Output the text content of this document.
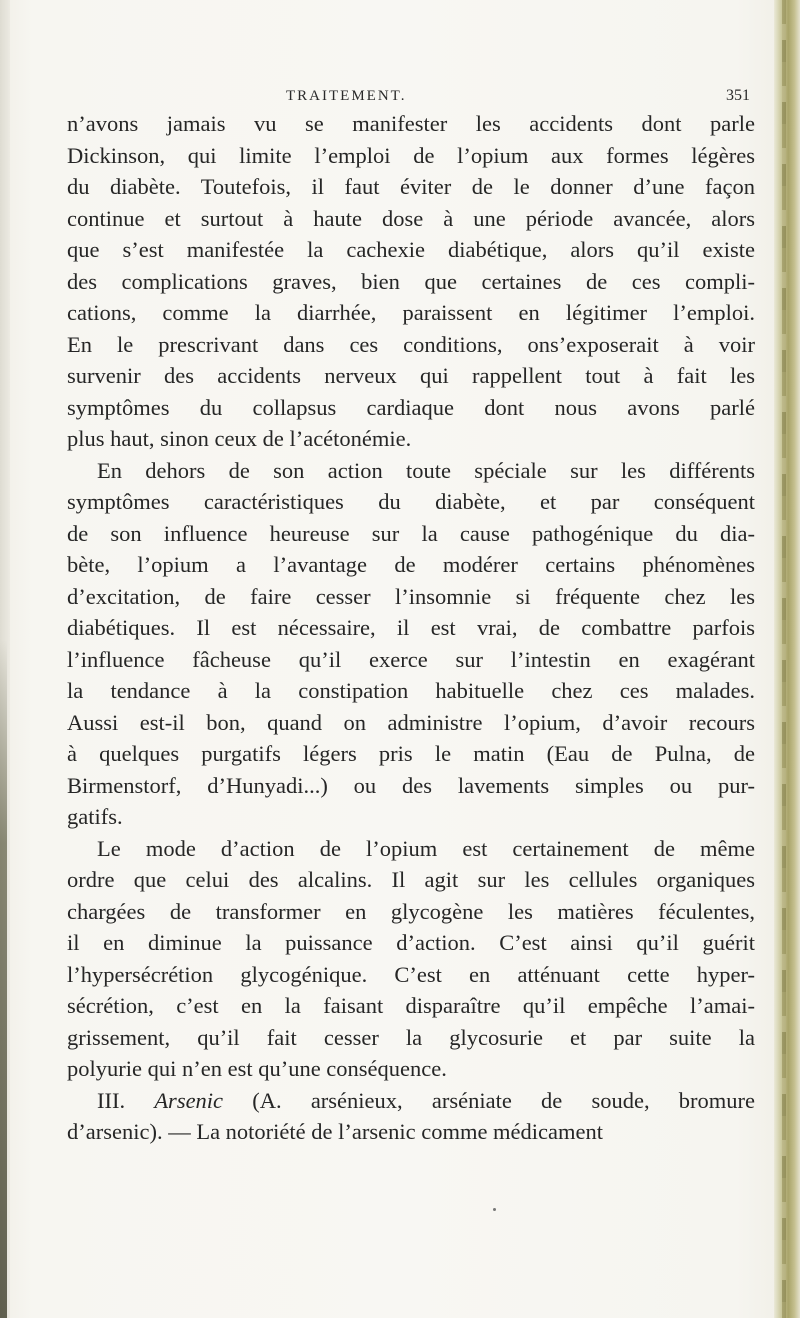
TRAITEMENT.	351
n’avons jamais vu se manifester les accidents dont parle
Dickinson, qui limite l’emploi de l’opium aux formes légères
du diabète. Toutefois, il faut éviter de le donner d’une façon
continue et surtout à haute dose à une période avancée, alors
que s’est manifestée la cachexie diabétique, alors qu’il existe
des complications graves, bien que certaines de ces compli-
cations, comme la diarrhée, paraissent en légitimer l’emploi.
En le prescrivant dans ces conditions, ons’exposerait à voir
survenir des accidents nerveux qui rappellent tout à fait les
symptômes du collapsus cardiaque dont nous avons parlé
plus haut, sinon ceux de l’acétonémie.
En dehors de son action toute spéciale sur les différents
symptômes caractéristiques du diabète, et par conséquent
de son influence heureuse sur la cause pathogénique du dia-
bète, l’opium a l’avantage de modérer certains phénomènes
d’excitation, de faire cesser l’insomnie si fréquente chez les
diabétiques. Il est nécessaire, il est vrai, de combattre parfois
l’influence fâcheuse qu’il exerce sur l’intestin en exagérant
la tendance à la constipation habituelle chez ces malades.
Aussi est-il bon, quand on administre l’opium, d’avoir recours
à quelques purgatifs légers pris le matin (Eau de Pulna, de
Birmenstorf, d’Hunyadi...) ou des lavements simples ou pur-
gatifs.
Le mode d’action de l’opium est certainement de même
ordre que celui des alcalins. Il agit sur les cellules organiques
chargées de transformer en glycogène les matières féculentes,
il en diminue la puissance d’action. C’est ainsi qu’il guérit
l’hypersécrétion glycogénique. C’est en atténuant cette hyper-
sécrétion, c’est en la faisant disparaître qu’il empêche l’amai-
grissement, qu’il fait cesser la glycosurie et par suite la
polyurie qui n’en est qu’une conséquence.
III. Arsenic (A. arsénieux, arséniate de soude, bromure
d’arsenic). — La notoriété de l’arsenic comme médicament
